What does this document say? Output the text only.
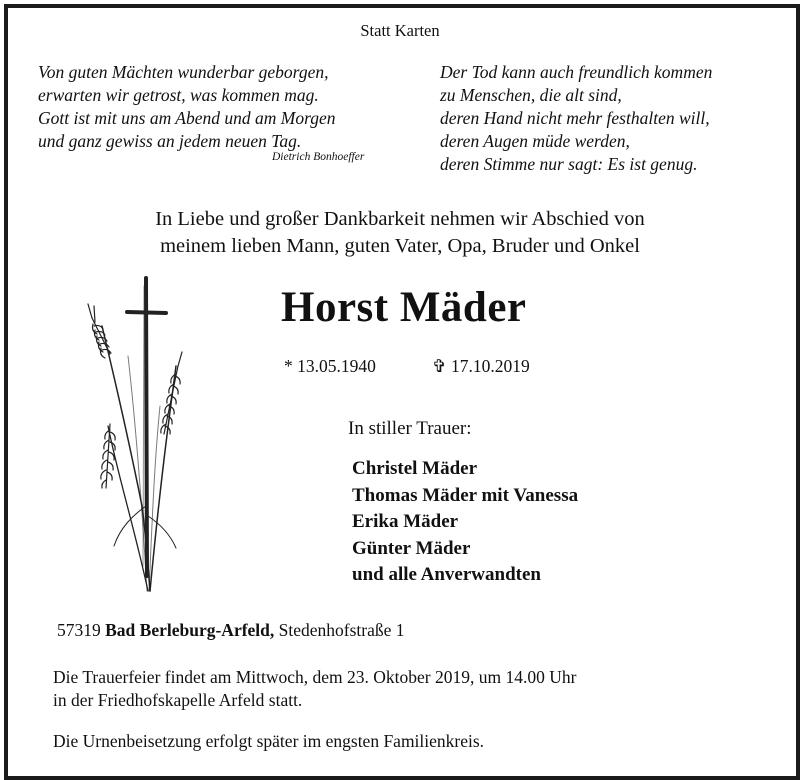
Statt Karten
Von guten Mächten wunderbar geborgen,
erwarten wir getrost, was kommen mag.
Gott ist mit uns am Abend und am Morgen
und ganz gewiss an jedem neuen Tag.
Dietrich Bonhoeffer
Der Tod kann auch freundlich kommen
zu Menschen, die alt sind,
deren Hand nicht mehr festhalten will,
deren Augen müde werden,
deren Stimme nur sagt: Es ist genug.
In Liebe und großer Dankbarkeit nehmen wir Abschied von
meinem lieben Mann, guten Vater, Opa, Bruder und Onkel
Horst Mäder
* 13.05.1940	✞ 17.10.2019
In stiller Trauer:
Christel Mäder
Thomas Mäder mit Vanessa
Erika Mäder
Günter Mäder
und alle Anverwandten
57319 Bad Berleburg-Arfeld, Stedenhofstraße 1
Die Trauerfeier findet am Mittwoch, dem 23. Oktober 2019, um 14.00 Uhr
in der Friedhofskapelle Arfeld statt.
Die Urnenbeisetzung erfolgt später im engsten Familienkreis.
